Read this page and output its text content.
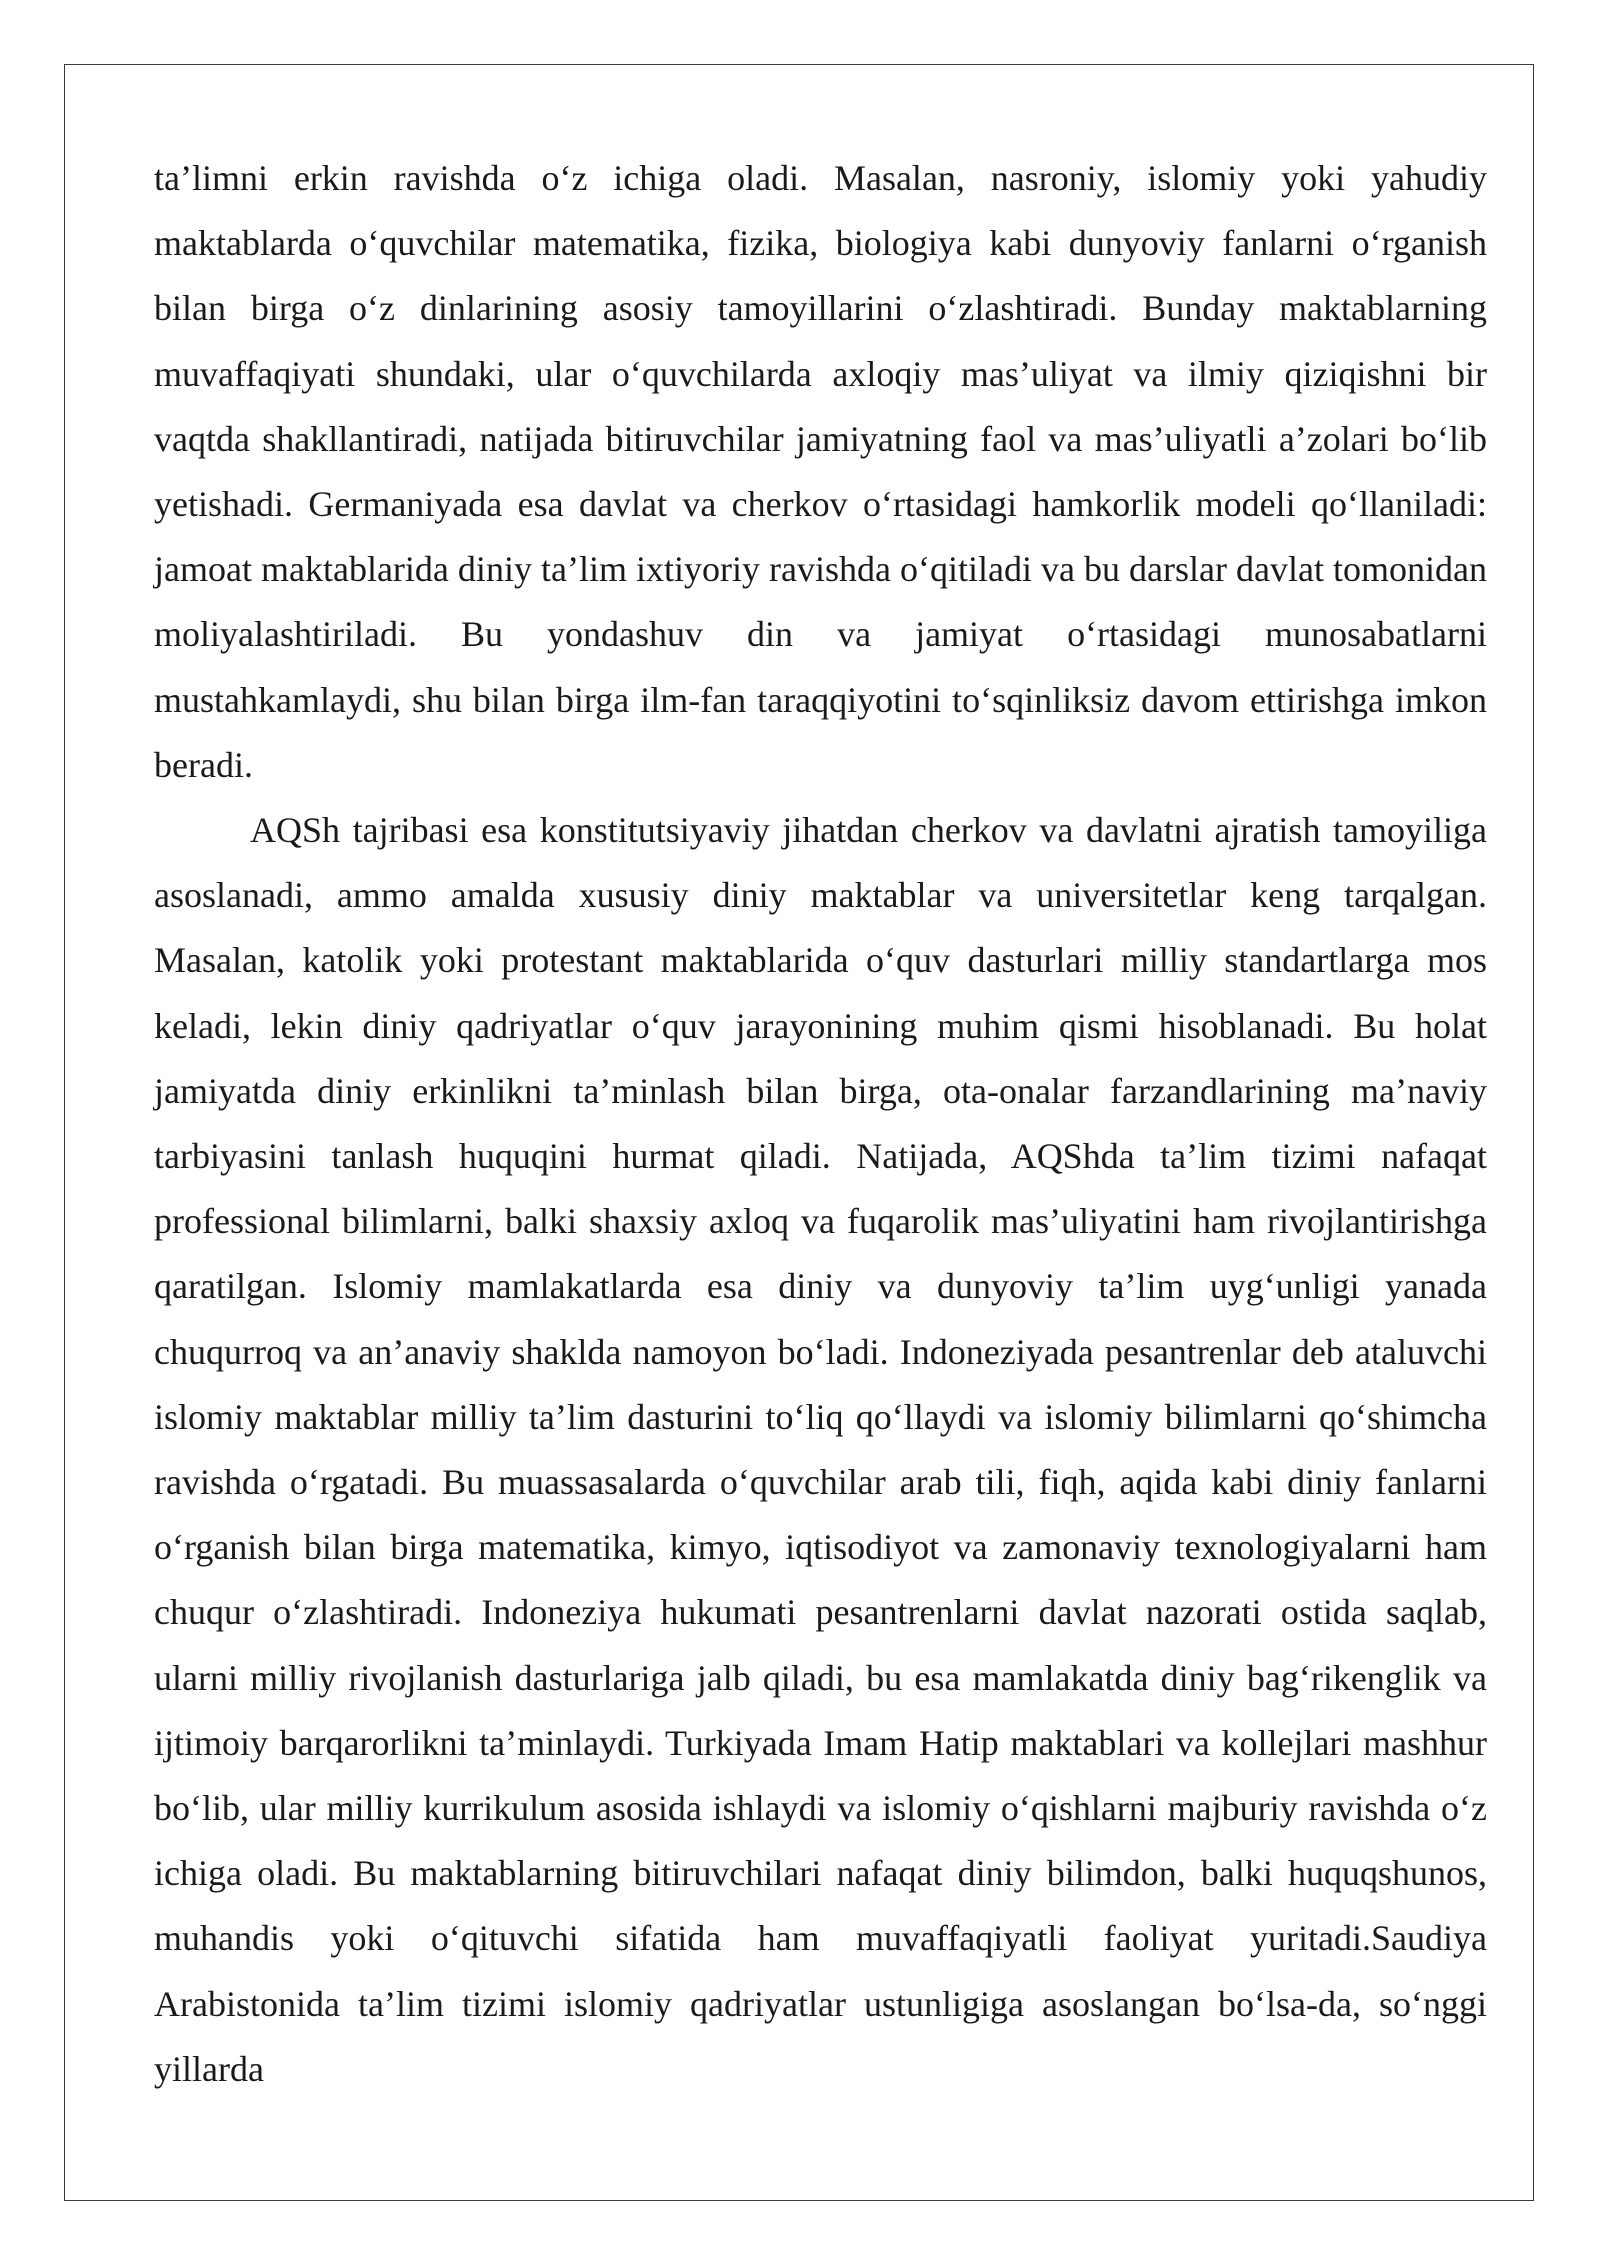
ta’limni erkin ravishda o‘z ichiga oladi. Masalan, nasroniy, islomiy yoki yahudiy maktablarda o‘quvchilar matematika, fizika, biologiya kabi dunyoviy fanlarni o‘rganish bilan birga o‘z dinlarining asosiy tamoyillarini o‘zlashtiradi. Bunday maktablarning muvaffaqiyati shundaki, ular o‘quvchilarda axloqiy mas’uliyat va ilmiy qiziqishni bir vaqtda shakllantiradi, natijada bitiruvchilar jamiyatning faol va mas’uliyatli a’zolari bo‘lib yetishadi. Germaniyada esa davlat va cherkov o‘rtasidagi hamkorlik modeli qo‘llaniladi: jamoat maktablarida diniy ta’lim ixtiyoriy ravishda o‘qitiladi va bu darslar davlat tomonidan moliyalashtiriladi. Bu yondashuv din va jamiyat o‘rtasidagi munosabatlarni mustahkamlaydi, shu bilan birga ilm-fan taraqqiyotini to‘sqinliksiz davom ettirishga imkon beradi.

AQSh tajribasi esa konstitutsiyaviy jihatdan cherkov va davlatni ajratish tamoyiliga asoslanadi, ammo amalda xususiy diniy maktablar va universitetlar keng tarqalgan. Masalan, katolik yoki protestant maktablarida o‘quv dasturlari milliy standartlarga mos keladi, lekin diniy qadriyatlar o‘quv jarayonining muhim qismi hisoblanadi. Bu holat jamiyatda diniy erkinlikni ta’minlash bilan birga, ota-onalar farzandlarining ma’naviy tarbiyasini tanlash huquqini hurmat qiladi. Natijada, AQShda ta’lim tizimi nafaqat professional bilimlarni, balki shaxsiy axloq va fuqarolik mas’uliyatini ham rivojlantirishga qaratilgan. Islomiy mamlakatlarda esa diniy va dunyoviy ta’lim uyg‘unligi yanada chuqurroq va an’anaviy shaklda namoyon bo‘ladi. Indoneziyada pesantrenlar deb ataluvchi islomiy maktablar milliy ta’lim dasturini to‘liq qo‘llaydi va islomiy bilimlarni qo‘shimcha ravishda o‘rgatadi. Bu muassasalarda o‘quvchilar arab tili, fiqh, aqida kabi diniy fanlarni o‘rganish bilan birga matematika, kimyo, iqtisodiyot va zamonaviy texnologiyalarni ham chuqur o‘zlashtiradi. Indoneziya hukumati pesantrenlarni davlat nazorati ostida saqlab, ularni milliy rivojlanish dasturlariga jalb qiladi, bu esa mamlakatda diniy bag‘rikenglik va ijtimoiy barqarorlikni ta’minlaydi. Turkiyada Imam Hatip maktablari va kollejlari mashhur bo‘lib, ular milliy kurrikulum asosida ishlaydi va islomiy o‘qishlarni majburiy ravishda o‘z ichiga oladi. Bu maktablarning bitiruvchilari nafaqat diniy bilimdon, balki huquqshunos, muhandis yoki o‘qituvchi sifatida ham muvaffaqiyatli faoliyat yuritadi.Saudiya Arabistonida ta’lim tizimi islomiy qadriyatlar ustunligiga asoslangan bo‘lsa-da, so‘nggi yillarda
